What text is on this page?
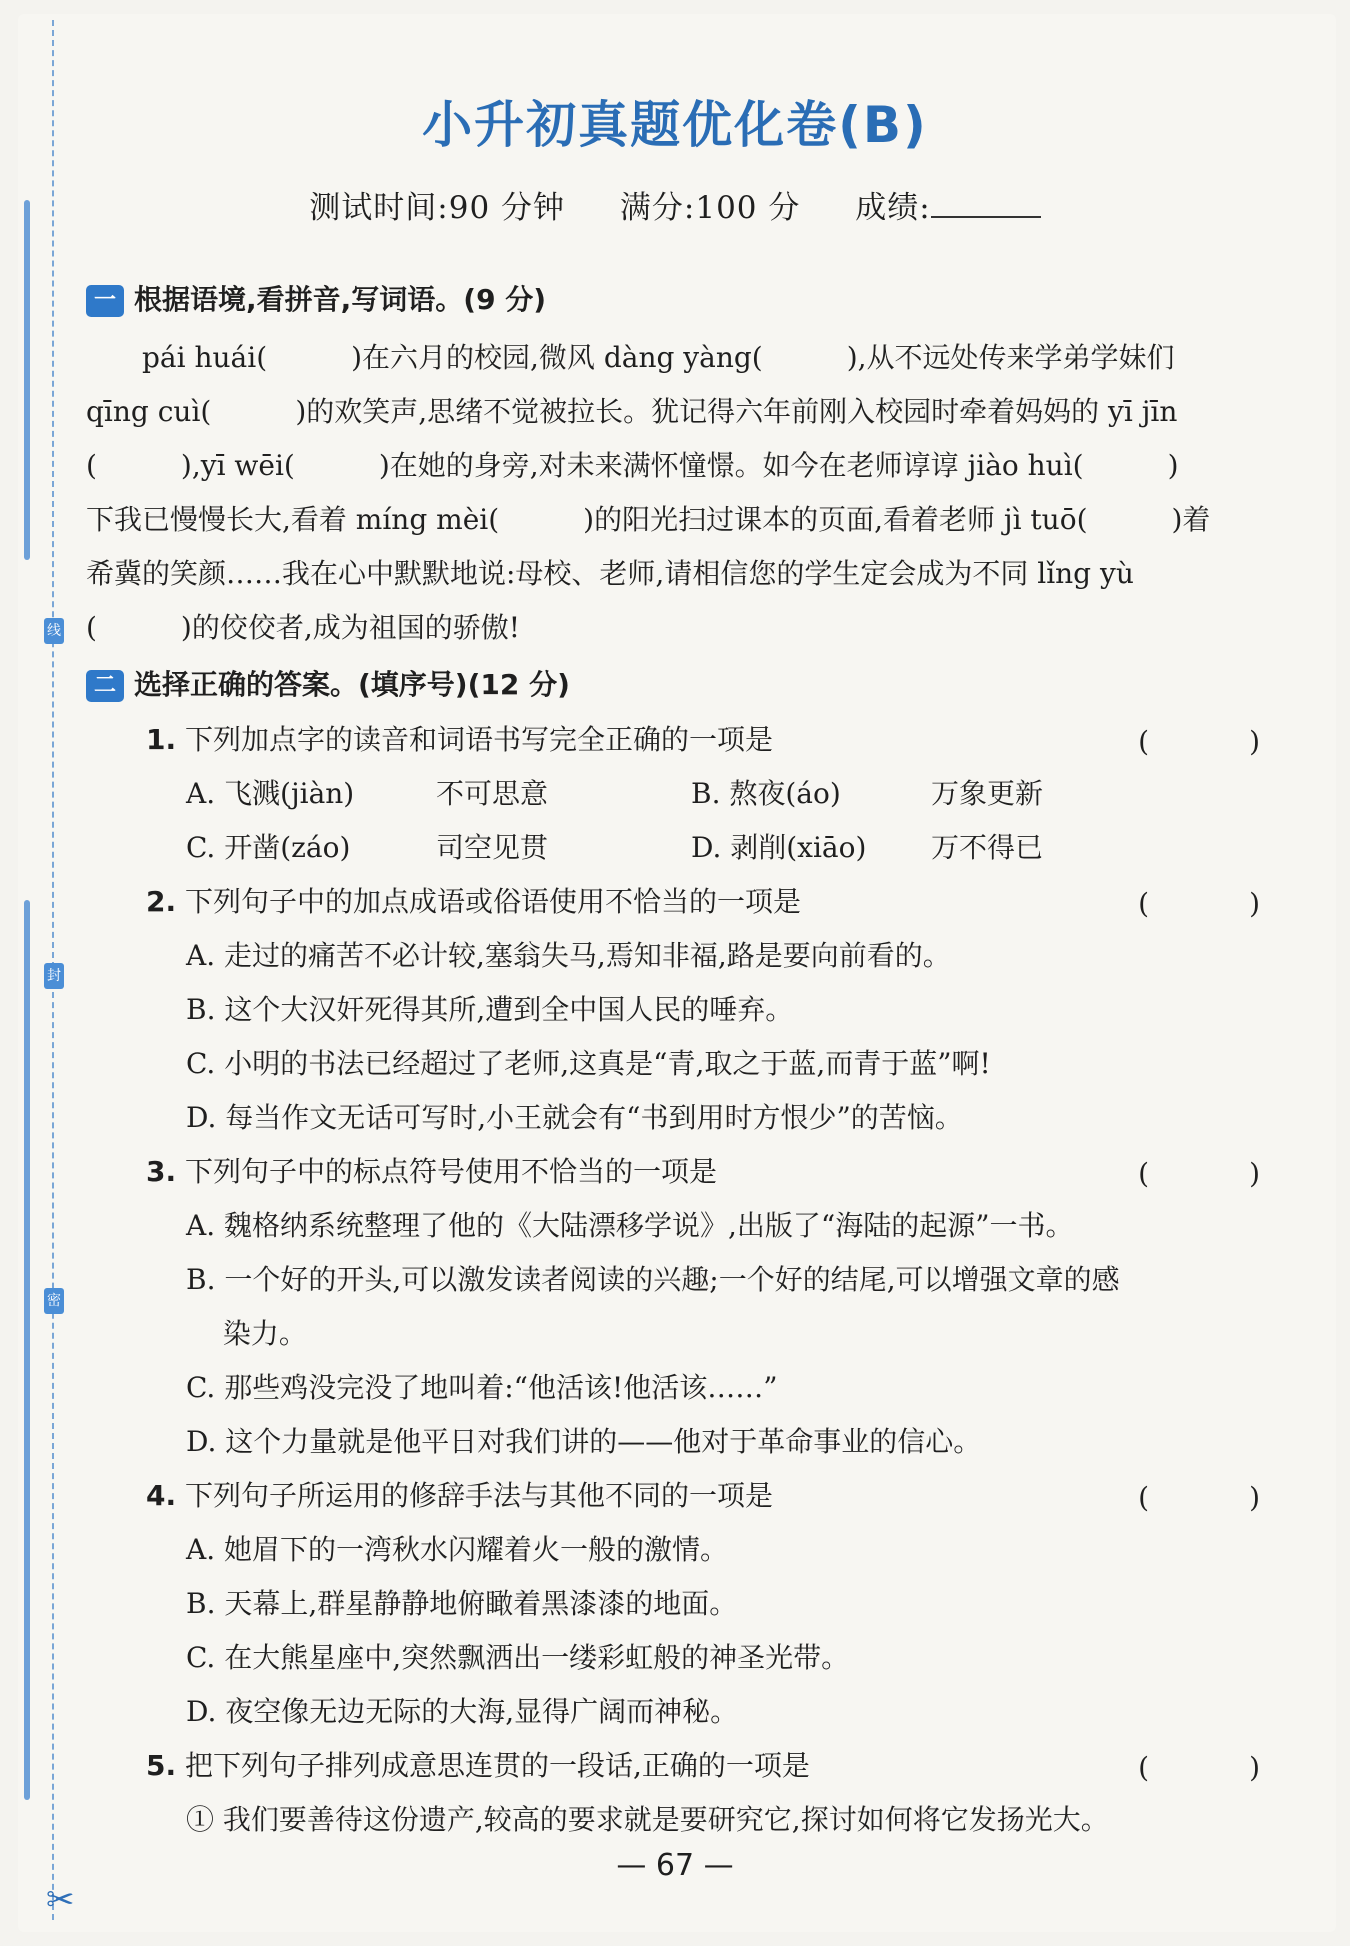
线
封
密
✂
小升初真题优化卷(B)
测试时间:90 分钟 满分:100 分 成绩:
一 根据语境,看拼音,写词语。(9 分)
　　pái huái(　　　)在六月的校园,微风 dàng yàng(　　　),从不远处传来学弟学妹们
qīng cuì(　　　)的欢笑声,思绪不觉被拉长。犹记得六年前刚入校园时牵着妈妈的 yī jīn
(　　　),yī wēi(　　　)在她的身旁,对未来满怀憧憬。如今在老师谆谆 jiào huì(　　　)
下我已慢慢长大,看着 míng mèi(　　　)的阳光扫过课本的页面,看着老师 jì tuō(　　　)着
希冀的笑颜……我在心中默默地说:母校、老师,请相信您的学生定会成为不同 lǐng yù
(　　　)的佼佼者,成为祖国的骄傲!
二 选择正确的答案。(填序号)(12 分)
1. 下列加点字的读音和词语书写完全正确的一项是	(　)
A. 飞溅(jiàn)	不可思意	B. 熬夜(áo)	万象更新
C. 开凿(záo)	司空见贯	D. 剥削(xiāo) 万不得已
2. 下列句子中的加点成语或俗语使用不恰当的一项是	(　)
A. 走过的痛苦不必计较,塞翁失马,焉知非福,路是要向前看的。
B. 这个大汉奸死得其所,遭到全中国人民的唾弃。
C. 小明的书法已经超过了老师,这真是“青,取之于蓝,而青于蓝”啊!
D. 每当作文无话可写时,小王就会有“书到用时方恨少”的苦恼。
3. 下列句子中的标点符号使用不恰当的一项是	(　)
A. 魏格纳系统整理了他的《大陆漂移学说》,出版了“海陆的起源”一书。
B. 一个好的开头,可以激发读者阅读的兴趣;一个好的结尾,可以增强文章的感
　 染力。
C. 那些鸡没完没了地叫着:“他活该!他活该……”
D. 这个力量就是他平日对我们讲的——他对于革命事业的信心。
4. 下列句子所运用的修辞手法与其他不同的一项是	(　)
A. 她眉下的一湾秋水闪耀着火一般的激情。
B. 天幕上,群星静静地俯瞰着黑漆漆的地面。
C. 在大熊星座中,突然飘洒出一缕彩虹般的神圣光带。
D. 夜空像无边无际的大海,显得广阔而神秘。
5. 把下列句子排列成意思连贯的一段话,正确的一项是	(　)
① 我们要善待这份遗产,较高的要求就是要研究它,探讨如何将它发扬光大。
— 67 —
